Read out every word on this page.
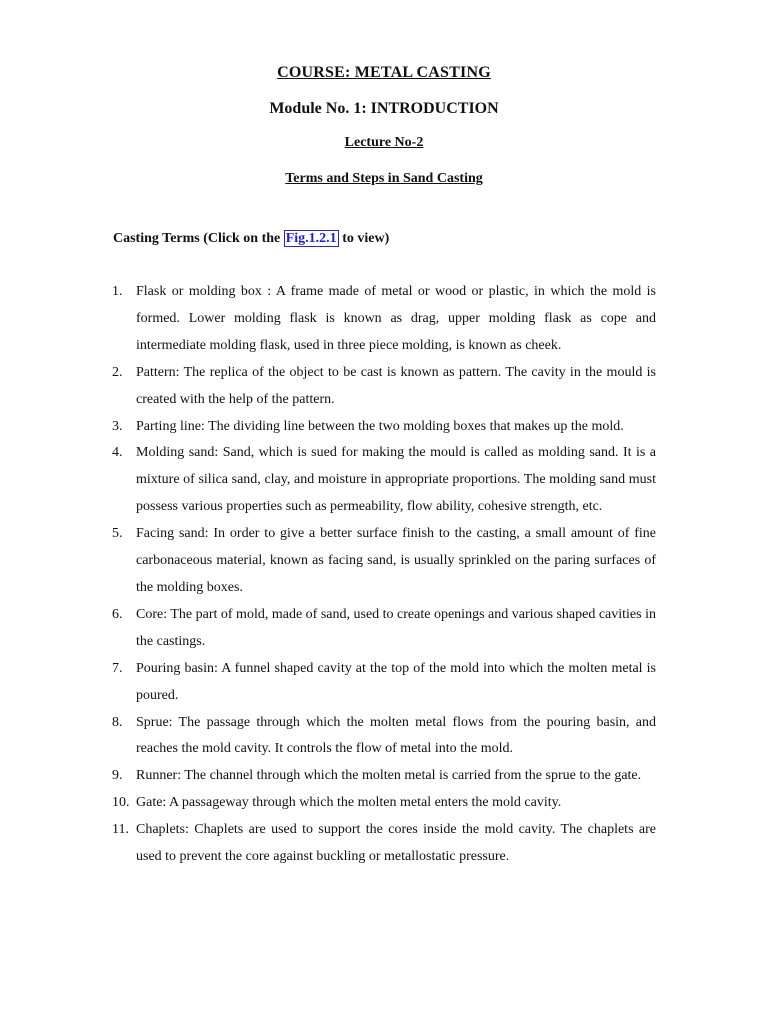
COURSE: METAL CASTING
Module No. 1: INTRODUCTION
Lecture No-2
Terms and Steps in Sand Casting
Casting Terms (Click on the Fig.1.2.1 to view)
1. Flask or molding box : A frame made of metal or wood or plastic, in which the mold is formed. Lower molding flask is known as drag, upper molding flask as cope and intermediate molding flask, used in three piece molding, is known as cheek.
2. Pattern: The replica of the object to be cast is known as pattern. The cavity in the mould is created with the help of the pattern.
3. Parting line: The dividing line between the two molding boxes that makes up the mold.
4. Molding sand: Sand, which is sued for making the mould is called as molding sand. It is a mixture of silica sand, clay, and moisture in appropriate proportions. The molding sand must possess various properties such as permeability, flow ability, cohesive strength, etc.
5. Facing sand: In order to give a better surface finish to the casting, a small amount of fine carbonaceous material, known as facing sand, is usually sprinkled on the paring surfaces of the molding boxes.
6. Core: The part of mold, made of sand, used to create openings and various shaped cavities in the castings.
7. Pouring basin: A funnel shaped cavity at the top of the mold into which the molten metal is poured.
8. Sprue: The passage through which the molten metal flows from the pouring basin, and reaches the mold cavity. It controls the flow of metal into the mold.
9. Runner: The channel through which the molten metal is carried from the sprue to the gate.
10. Gate: A passageway through which the molten metal enters the mold cavity.
11. Chaplets: Chaplets are used to support the cores inside the mold cavity. The chaplets are used to prevent the core against buckling or metallostatic pressure.
